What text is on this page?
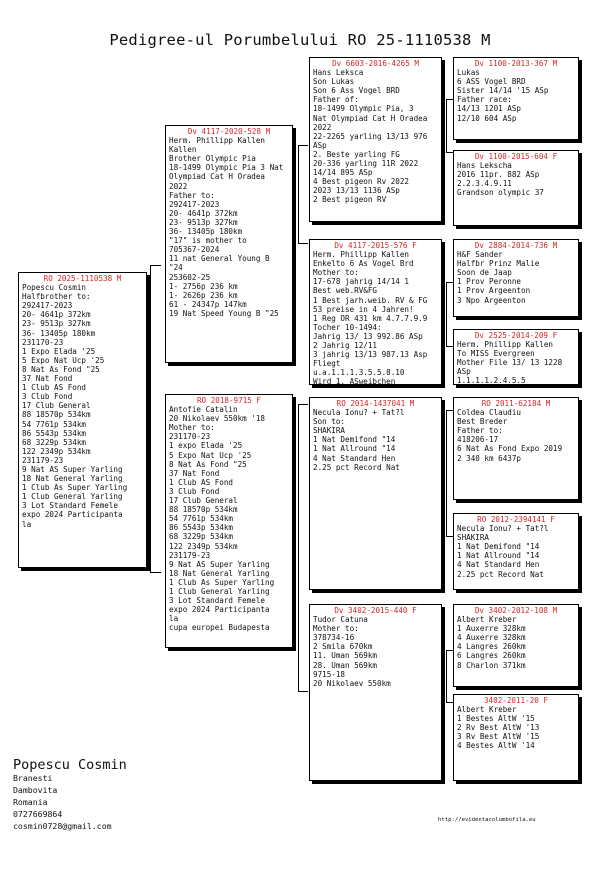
Pedigree-ul Porumbelului RO 25-1110538 M
RO 2025-1110538 M
Popescu Cosmin
Halfbrother to:
292417-2023
20- 4641p 372km
23- 9513p 327km
36- 13405p 180km
231170-23
1 Expo Elada '25
5 Expo Nat Ucp '25
8 Nat As Fond "25
37 Nat Fond
1 Club AS Fond
3 Club Fond
17 Club General
88 18570p 534km
54 7761p 534km
86 5543p 534km
68 3229p 534km
122 2349p 534km
231179-23
9 Nat AS Super Yarling
18 Nat General Yarling
1 Club As Super Yarling
1 Club General Yarling
3 Lot Standard Femele
expo 2024 Participanta
la
Dv 4117-2020-528 M
Herm. Phillipp Kallen
Kallen
Brother Olympic Pia
18-1499 Olympic Pia 3 Nat
Olympiad Cat H Oradea
2022
Father to:
292417-2023
20- 4641p 372km
23- 9513p 327km
36- 13405p 180km
"17" is mother to
705367-2024
11 nat General Young B
"24
253602-25
1- 2756p 236 km
1- 2626p 236 km
61 - 24347p 147km
19 Nat Speed Young B "25
RO 2018-9715 F
Antofie Catalin
20 Nikolaev 550km '18
Mother to:
231170-23
1 expo Elada '25
5 Expo Nat Ucp '25
8 Nat As Fond "25
37 Nat Fond
1 Club AS Fond
3 Club Fond
17 Club General
88 18570p 534km
54 7761p 534km
86 5543p 534km
68 3229p 534km
122 2349p 534km
231179-23
9 Nat AS Super Yarling
18 Nat General Yarling
1 Club As Super Yarling
1 Club General Yarling
3 Lot Standard Femele
expo 2024 Participanta
la
cupa europei Budapesta
Dv 6603-2016-4265 M
Hans Leksca
Son Lukas
Son 6 Ass Vogel BRD
Father of:
18-1499 Olympic Pia, 3
Nat Olympiad Cat H Oradea
2022
22-2265 yarling 13/13 976
ASp
2. Beste yarling FG
20-336 yarling 11R 2022
14/14 895 ASp
4 Best pigeon Rv 2022
2023 13/13 1136 ASp
2 Best pigeon RV
Dv 4117-2015-576 F
Herm. Phillipp Kallen
Enkelto 6 As Vogel Brd
Mother to:
17-678 jahrig 14/14 1
Best web.RV&FG
1 Best jarh.weib. RV & FG
53 preise in 4 Jahren!
1 Reg OR 431 km 4.7.7.9.9
Tocher 10-1494:
Jahrig 13/ 13 992.86 ASp
2 Jahrig 12/11
3 jahrig 13/13 987.13 Asp
Fliegt
u.a.1.1.1.3.5.5.8.10
Wird 1. ASweibchen
RO 2014-1437041 M
Necula Ionu? + Tat?l
Son to:
SHAKIRA
1 Nat Demifond "14
1 Nat Allround "14
4 Nat Standard Hen
2.25 pct Record Nat
Dv 3402-2015-440 F
Tudor Catuna
Mother to:
378734-16
2 Smila 670km
11. Uman 569km
28. Uman 569km
9715-18
20 Nikolaev 550km
Dv 1100-2013-367 M
Lukas
6 ASS Vogel BRD
Sister 14/14 '15 ASp
Father race:
14/13 1201 ASp
12/10 604 ASp
Dv 1100-2015-604 F
Hans Lekscha
2016 11pr. 882 ASp
2.2.3.4.9.11
Grandson olympic 37
Dv 2884-2014-736 M
H&F Sander
Halfbr Prinz Malie
Soon de Jaap
1 Prov Peronne
1 Prov Argeenton
3 Npo Argeenton
Dv 2525-2014-209 F
Herm. Phillipp Kallen
To MISS Evergreen
Mother File 13/ 13 1228
ASp
1.1.1.1.2.4.5.5
RO 2011-62184 M
Coldea Claudiu
Best Breder
Father to:
418206-17
6 Nat As Fond Expo 2019
2 340 km 6437p
RO 2012-2394141 F
Necula Ionu? + Tat?l
SHAKIRA
1 Nat Demifond "14
1 Nat Allround "14
4 Nat Standard Hen
2.25 pct Record Nat
Dv 3402-2012-108 M
Albert Kreber
1 Auxerre 328km
4 Auxerre 328km
4 Langres 260km
6 Langres 260km
8 Charlon 371km
3402-2011-20 F
Albert Kreber
1 Bestes AltW '15
2 Rv Best AltW '13
3 Rv Best AltW '15
4 Bestes AltW '14
Popescu Cosmin
Branesti
Dambovita
Romania
0727669864
cosmin0728@gmail.com
http://evidentacolumbofila.eu
